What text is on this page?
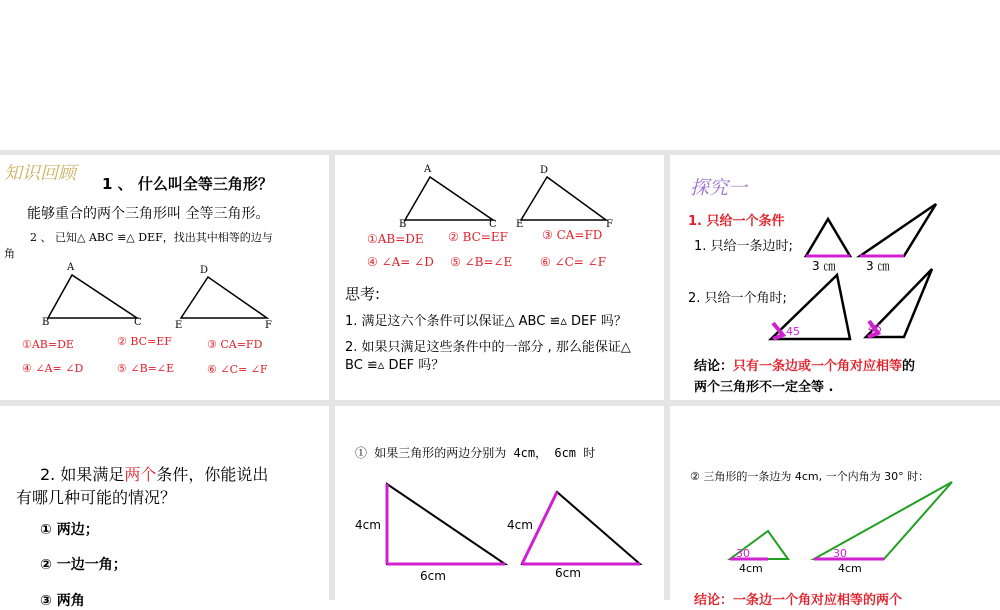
知识回顾 1 、 什么叫全等三角形？
能够重合的两个三角形叫 全等三角形。
2 、 已知△ ABC ≌△ DEF，找出其中相等的边与
角
A
B	C
D
E	F
①AB=DE	② BC=EF	③ CA=FD
④ ∠A= ∠D	⑤ ∠B=∠E	⑥ ∠C= ∠F
A
B	C
D
E	F
①AB=DE ② BC=EF	③ CA=FD
④ ∠A= ∠D ⑤ ∠B=∠E ⑥ ∠C= ∠F
思考:
1. 满足这六个条件可以保证△ ABC ≌▵ DEF 吗？
2. 如果只满足这些条件中的一部分 , 那么能保证△
BC ≌▵ DEF 吗？
探究一
1. 只给一个条件
1. 只给一条边时;
2. 只给一个角时;
3 ㎝	3 ㎝
45	45
结论：只有一条边或一个角对应相等的
两个三角形不一定全等 .
2. 如果满足两个条件，你能说出
有哪几种可能的情况？
① 两边；
② 一边一角；
③ 两角
① 如果三角形的两边分别为 4cm， 6cm 时
4cm
6cm
4cm
6cm
② 三角形的一条边为 4cm, 一个内角为 30° 时：
30	30
4cm	4cm
结论：一条边一个角对应相等的两个
